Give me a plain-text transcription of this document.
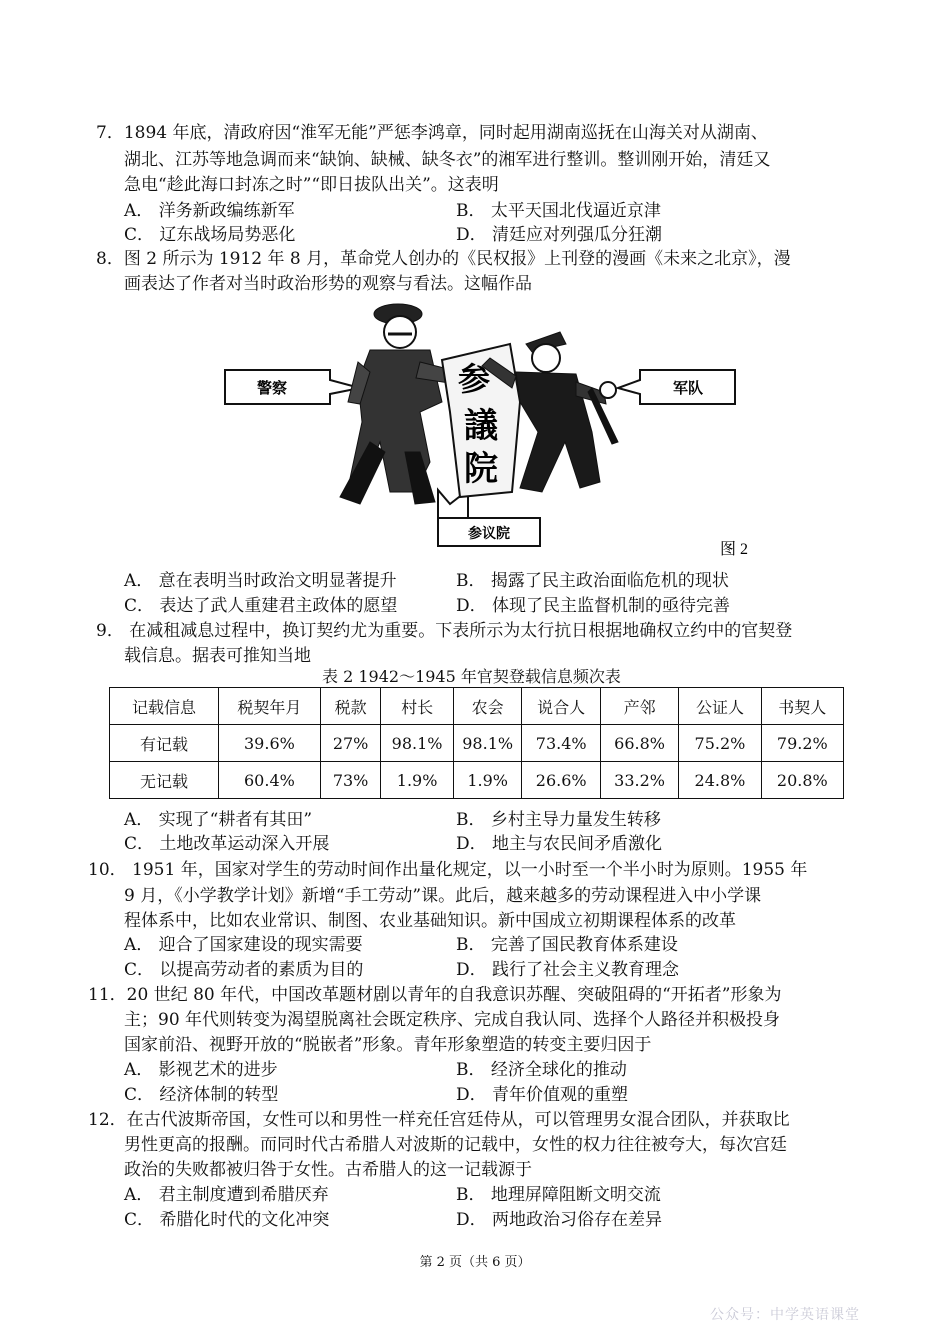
7．1894 年底，清政府因“淮军无能”严惩李鸿章，同时起用湖南巡抚在山海关对从湖南、
湖北、江苏等地急调而来“缺饷、缺械、缺冬衣”的湘军进行整训。整训刚开始，清廷又
急电“趁此海口封冻之时”“即日拔队出关”。这表明
A． 洋务新政编练新军	B． 太平天国北伐逼近京津
C． 辽东战场局势恶化	D． 清廷应对列强瓜分狂潮
8．图 2 所示为 1912 年 8 月，革命党人创办的《民权报》上刊登的漫画《未来之北京》，漫
画表达了作者对当时政治形势的观察与看法。这幅作品
警察	军队
参议院
参
議
院
图 2
A． 意在表明当时政治文明显著提升	B． 揭露了民主政治面临危机的现状
C． 表达了武人重建君主政体的愿望	D． 体现了民主监督机制的亟待完善
9． 在减租减息过程中，换订契约尤为重要。下表所示为太行抗日根据地确权立约中的官契登
载信息。据表可推知当地
表 2 1942～1945 年官契登载信息频次表
记载信息	税契年月	税款	村长	农会	说合人	产邻	公证人	书契人
有记载	39.6%	27%	98.1%	98.1%	73.4%	66.8%	75.2%	79.2%
无记载	60.4%	73%	1.9%	1.9%	26.6%	33.2%	24.8%	20.8%
A． 实现了“耕者有其田”	B． 乡村主导力量发生转移
C． 土地改革运动深入开展	D． 地主与农民间矛盾激化
10． 1951 年，国家对学生的劳动时间作出量化规定，以一小时至一个半小时为原则。1955 年
9 月，《小学教学计划》新增“手工劳动”课。此后，越来越多的劳动课程进入中小学课
程体系中，比如农业常识、制图、农业基础知识。新中国成立初期课程体系的改革
A． 迎合了国家建设的现实需要	B． 完善了国民教育体系建设
C． 以提高劳动者的素质为目的	D． 践行了社会主义教育理念
11．20 世纪 80 年代，中国改革题材剧以青年的自我意识苏醒、突破阻碍的“开拓者”形象为
主；90 年代则转变为渴望脱离社会既定秩序、完成自我认同、选择个人路径并积极投身
国家前沿、视野开放的“脱嵌者”形象。青年形象塑造的转变主要归因于
A． 影视艺术的进步	B． 经济全球化的推动
C． 经济体制的转型	D． 青年价值观的重塑
12．在古代波斯帝国，女性可以和男性一样充任宫廷侍从，可以管理男女混合团队，并获取比
男性更高的报酬。而同时代古希腊人对波斯的记载中，女性的权力往往被夸大，每次宫廷
政治的失败都被归咎于女性。古希腊人的这一记载源于
A． 君主制度遭到希腊厌弃	B． 地理屏障阻断文明交流
C． 希腊化时代的文化冲突	D． 两地政治习俗存在差异
第 2 页（共 6 页）
公众号：中学英语课堂
